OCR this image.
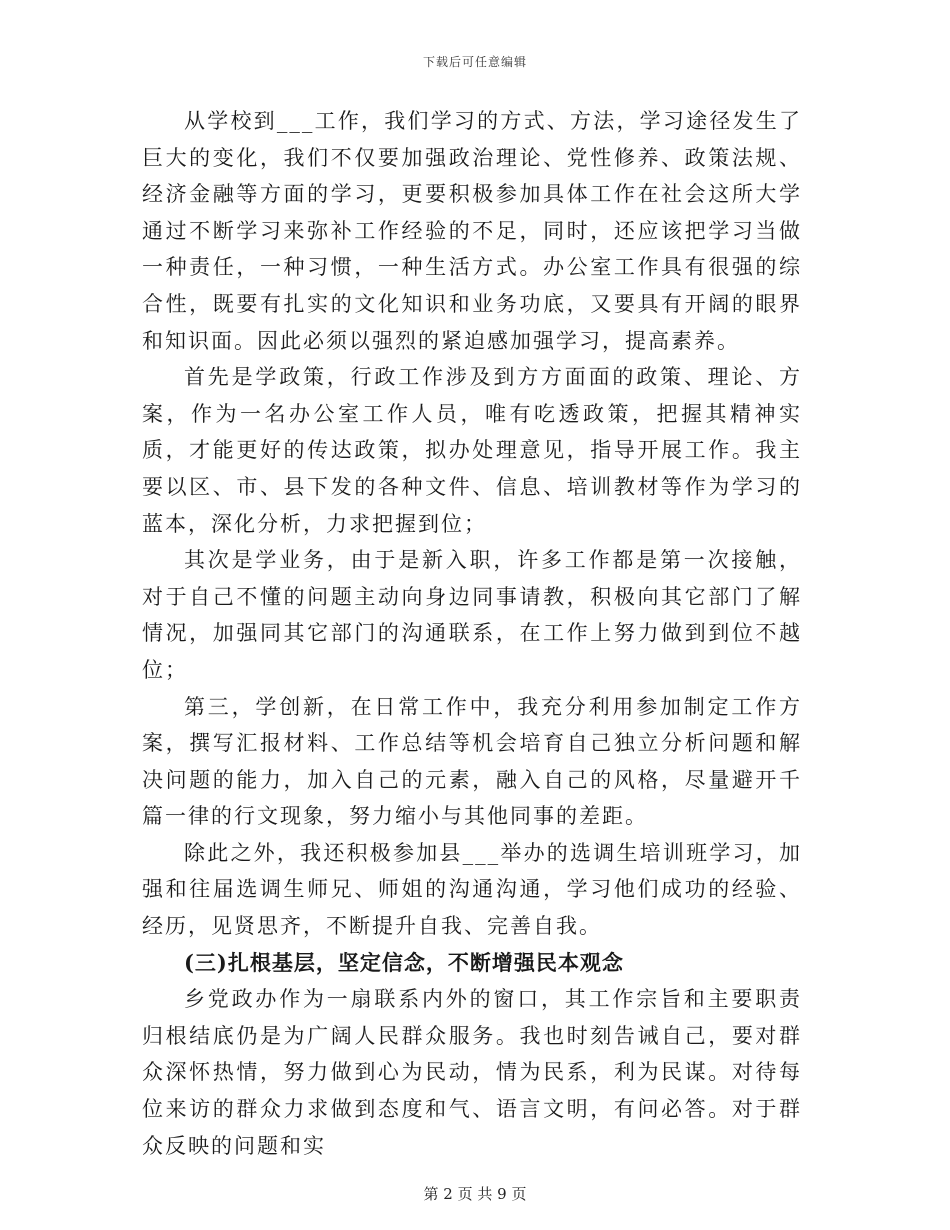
下载后可任意编辑

从学校到___工作，我们学习的方式、方法，学习途径发生了巨大的变化，我们不仅要加强政治理论、党性修养、政策法规、经济金融等方面的学习，更要积极参加具体工作在社会这所大学通过不断学习来弥补工作经验的不足，同时，还应该把学习当做一种责任，一种习惯，一种生活方式。办公室工作具有很强的综合性，既要有扎实的文化知识和业务功底，又要具有开阔的眼界和知识面。因此必须以强烈的紧迫感加强学习，提高素养。

首先是学政策，行政工作涉及到方方面面的政策、理论、方案，作为一名办公室工作人员，唯有吃透政策，把握其精神实质，才能更好的传达政策，拟办处理意见，指导开展工作。我主要以区、市、县下发的各种文件、信息、培训教材等作为学习的蓝本，深化分析，力求把握到位；

其次是学业务，由于是新入职，许多工作都是第一次接触，对于自己不懂的问题主动向身边同事请教，积极向其它部门了解情况，加强同其它部门的沟通联系，在工作上努力做到到位不越位；

第三，学创新，在日常工作中，我充分利用参加制定工作方案，撰写汇报材料、工作总结等机会培育自己独立分析问题和解决问题的能力，加入自己的元素，融入自己的风格，尽量避开千篇一律的行文现象，努力缩小与其他同事的差距。

除此之外，我还积极参加县___举办的选调生培训班学习，加强和往届选调生师兄、师姐的沟通沟通，学习他们成功的经验、经历，见贤思齐，不断提升自我、完善自我。

(三)扎根基层，坚定信念，不断增强民本观念

乡党政办作为一扇联系内外的窗口，其工作宗旨和主要职责归根结底仍是为广阔人民群众服务。我也时刻告诫自己，要对群众深怀热情，努力做到心为民动，情为民系，利为民谋。对待每位来访的群众力求做到态度和气、语言文明，有问必答。对于群众反映的问题和实

第 2 页 共 9 页
